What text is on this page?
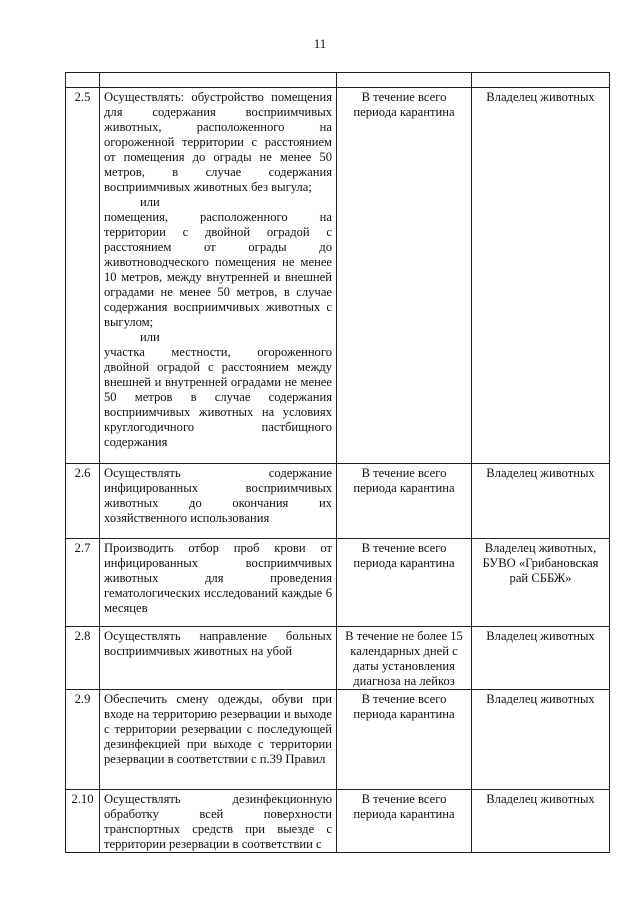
11

2.5	Осуществлять: обустройство помещения для содержания восприимчивых животных, расположенного на огороженной территории с расстоянием от помещения до ограды не менее 50 метров, в случае содержания восприимчивых животных без выгула;
или
помещения, расположенного на территории с двойной оградой с расстоянием от ограды до животноводческого помещения не менее 10 метров, между внутренней и внешней оградами не менее 50 метров, в случае содержания восприимчивых животных с выгулом;
или
участка местности, огороженного двойной оградой с расстоянием между внешней и внутренней оградами не менее 50 метров в случае содержания восприимчивых животных на условиях круглогодичного пастбищного содержания	В течение всего периода карантина	Владелец животных
2.6	Осуществлять содержание инфицированных восприимчивых животных до окончания их хозяйственного использования	В течение всего периода карантина	Владелец животных
2.7	Производить отбор проб крови от инфицированных восприимчивых животных для проведения гематологических исследований каждые 6 месяцев	В течение всего периода карантина	Владелец животных, БУВО «Грибановская рай СББЖ»
2.8	Осуществлять направление больных восприимчивых животных на убой	В течение не более 15 календарных дней с даты установления диагноза на лейкоз	Владелец животных
2.9	Обеспечить смену одежды, обуви при входе на территорию резервации и выходе с территории резервации с последующей дезинфекцией при выходе с территории резервации в соответствии с п.39 Правил	В течение всего периода карантина	Владелец животных
2.10	Осуществлять дезинфекционную обработку всей поверхности транспортных средств при выезде с территории резервации в соответствии с	В течение всего периода карантина	Владелец животных
